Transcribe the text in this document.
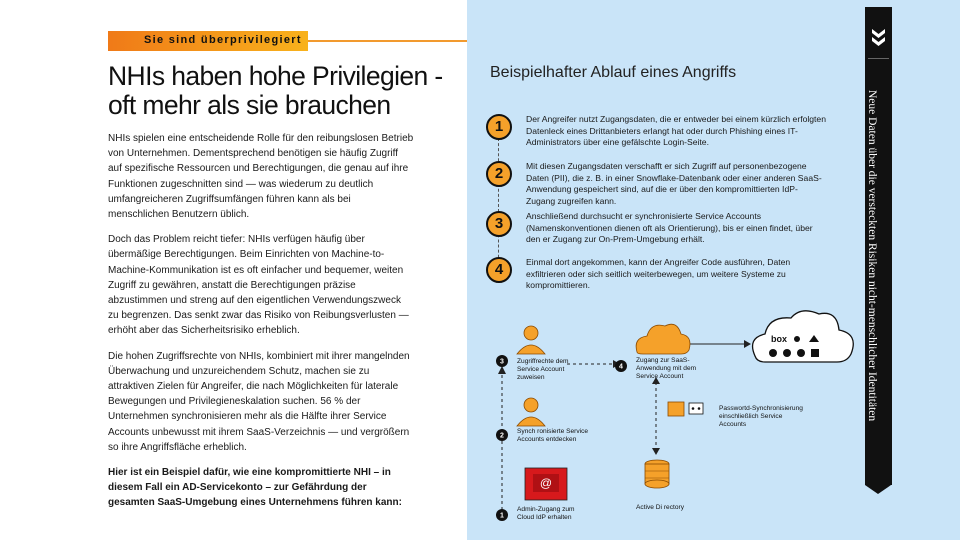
Sie sind überprivilegiert
NHIs haben hohe Privilegien - oft mehr als sie brauchen

NHIs spielen eine entscheidende Rolle für den reibungslosen Betrieb von Unternehmen. Dementsprechend benötigen sie häufig Zugriff auf spezifische Ressourcen und Berechtigungen, die genau auf ihre Funktionen zugeschnitten sind — was wiederum zu deutlich umfangreicheren Zugriffsumfängen führen kann als bei menschlichen Benutzern üblich.

Doch das Problem reicht tiefer: NHIs verfügen häufig über übermäßige Berechtigungen. Beim Einrichten von Machine-to-Machine-Kommunikation ist es oft einfacher und bequemer, weiten Zugriff zu gewähren, anstatt die Berechtigungen präzise abzustimmen und streng auf den eigentlichen Verwendungszweck zu begrenzen. Das senkt zwar das Risiko von Reibungsverlusten — erhöht aber das Sicherheitsrisiko erheblich.

Die hohen Zugriffsrechte von NHIs, kombiniert mit ihrer mangelnden Überwachung und unzureichendem Schutz, machen sie zu attraktiven Zielen für Angreifer, die nach Möglichkeiten für laterale Bewegungen und Privilegieneskalation suchen. 56 % der Unternehmen synchronisieren mehr als die Hälfte ihrer Service Accounts unbewusst mit ihrem SaaS-Verzeichnis — und vergrößern so ihre Angriffsfläche erheblich.

Hier ist ein Beispiel dafür, wie eine kompromittierte NHI – in diesem Fall ein AD-Servicekonto – zur Gefährdung der gesamten SaaS-Umgebung eines Unternehmens führen kann:

Beispielhafter Ablauf eines Angriffs
1	Der Angreifer nutzt Zugangsdaten, die er entweder bei einem kürzlich erfolgten Datenleck eines Drittanbieters erlangt hat oder durch Phishing eines IT-Administrators über eine gefälschte Login-Seite.
2	Mit diesen Zugangsdaten verschafft er sich Zugriff auf personenbezogene Daten (PII), die z. B. in einer Snowflake-Datenbank oder einer anderen SaaS-Anwendung gespeichert sind, auf die er über den kompromittierten IdP-Zugang zugreifen kann.
3	Anschließend durchsucht er synchronisierte Service Accounts (Namenskonventionen dienen oft als Orientierung), bis er einen findet, über den er Zugang zur On-Prem-Umgebung erhält.
4	Einmal dort angekommen, kann der Angreifer Code ausführen, Daten exfiltrieren oder sich seitlich weiterbewegen, um weitere Systeme zu kompromittieren.
3
2
1
4
@
box
Zugriffrechte dem Service Account zuweisen
Synch ronisierte Service Accounts entdecken
Admin-Zugang zum Cloud IdP erhalten
Zugang zur SaaS-Anwendung mit dem Service Account
Passwortd-Synchronisierung einschließlich Service Accounts
Active Di rectory
Neue Daten über die versteckten Risiken nicht-menschlicher Identitäten
